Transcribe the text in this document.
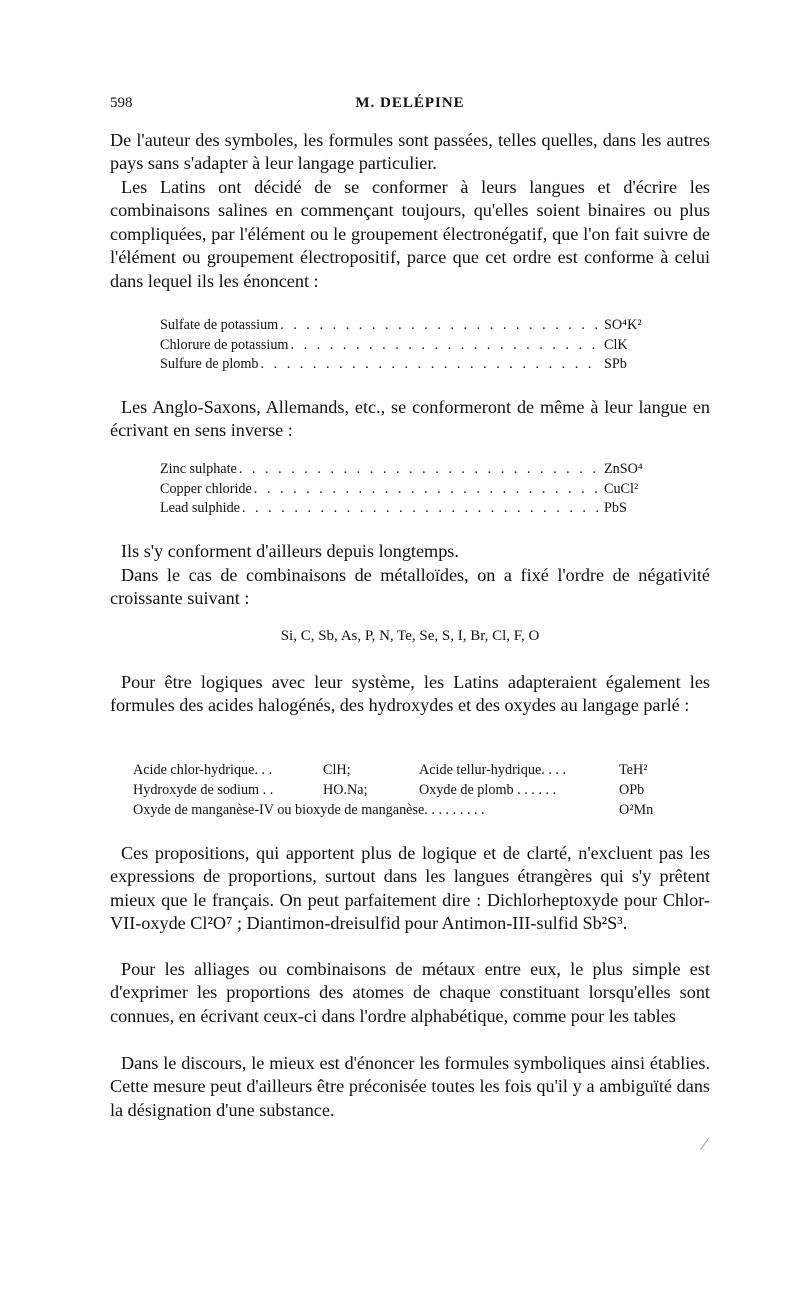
598	M. DELÉPINE

De l'auteur des symboles, les formules sont passées, telles quelles, dans les autres pays sans s'adapter à leur langage particulier.

Les Latins ont décidé de se conformer à leurs langues et d'écrire les combinaisons salines en commençant toujours, qu'elles soient binaires ou plus compliquées, par l'élément ou le groupement électronégatif, que l'on fait suivre de l'élément ou groupement électropositif, parce que cet ordre est conforme à celui dans lequel ils les énoncent :

Sulfate de potassium . . .	SO⁴K²
Chlorure de potassium . . .	ClK
Sulfure de plomb . . .	SPb

Les Anglo-Saxons, Allemands, etc., se conformeront de même à leur langue en écrivant en sens inverse :

Zinc sulphate . . .	ZnSO⁴
Copper chloride . . .	CuCl²
Lead sulphide . . .	PbS

Ils s'y conforment d'ailleurs depuis longtemps.

Dans le cas de combinaisons de métalloïdes, on a fixé l'ordre de négativité croissante suivant :

Si, C, Sb, As, P, N, Te, Se, S, I, Br, Cl, F, O

Pour être logiques avec leur système, les Latins adapteraient également les formules des acides halogénés, des hydroxydes et des oxydes au langage parlé :

Acide chlor-hydrique. . .	ClH;	Acide tellur-hydrique. . . .	TeH²
Hydroxyde de sodium . .	HO.Na;	Oxyde de plomb . . . . . .	OPb
Oxyde de manganèse-IV ou bioxyde de manganèse. . . . . . . . .	O²Mn

Ces propositions, qui apportent plus de logique et de clarté, n'excluent pas les expressions de proportions, surtout dans les langues étrangères qui s'y prêtent mieux que le français. On peut parfaitement dire : Dichlorheptoxyde pour Chlor-VII-oxyde Cl²O⁷ ; Diantimon-dreisulfid pour Antimon-III-sulfid Sb²S³.

Pour les alliages ou combinaisons de métaux entre eux, le plus simple est d'exprimer les proportions des atomes de chaque constituant lorsqu'elles sont connues, en écrivant ceux-ci dans l'ordre alphabétique, comme pour les tables

Dans le discours, le mieux est d'énoncer les formules symboliques ainsi établies. Cette mesure peut d'ailleurs être préconisée toutes les fois qu'il y a ambiguïté dans la désignation d'une substance.
